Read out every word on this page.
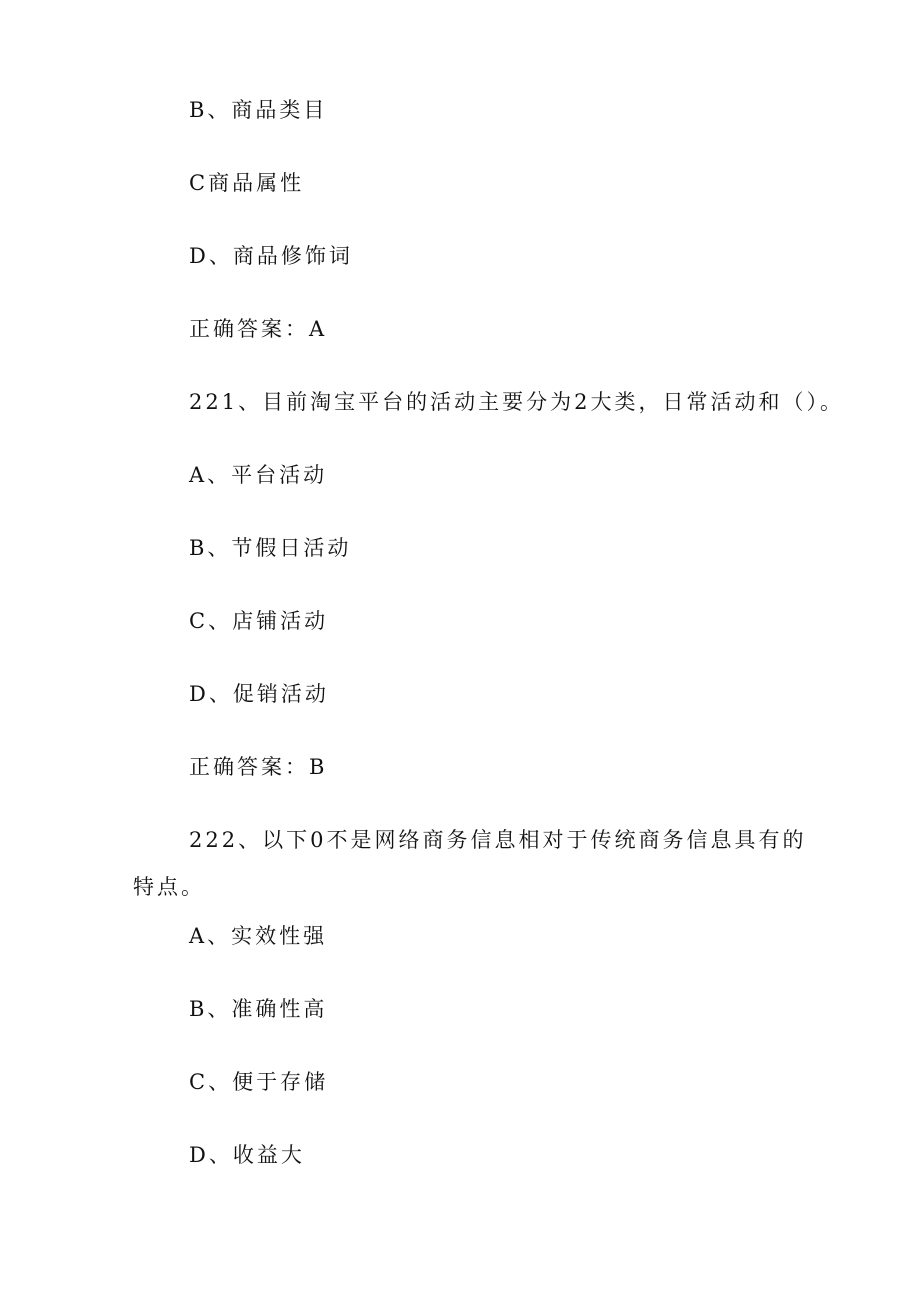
B、商品类目
C商品属性
D、商品修饰词
正确答案：A
221、目前淘宝平台的活动主要分为2大类，日常活动和（）。
A、平台活动
B、节假日活动
C、店铺活动
D、促销活动
正确答案：B
222、以下0不是网络商务信息相对于传统商务信息具有的
特点。
A、实效性强
B、准确性高
C、便于存储
D、收益大
